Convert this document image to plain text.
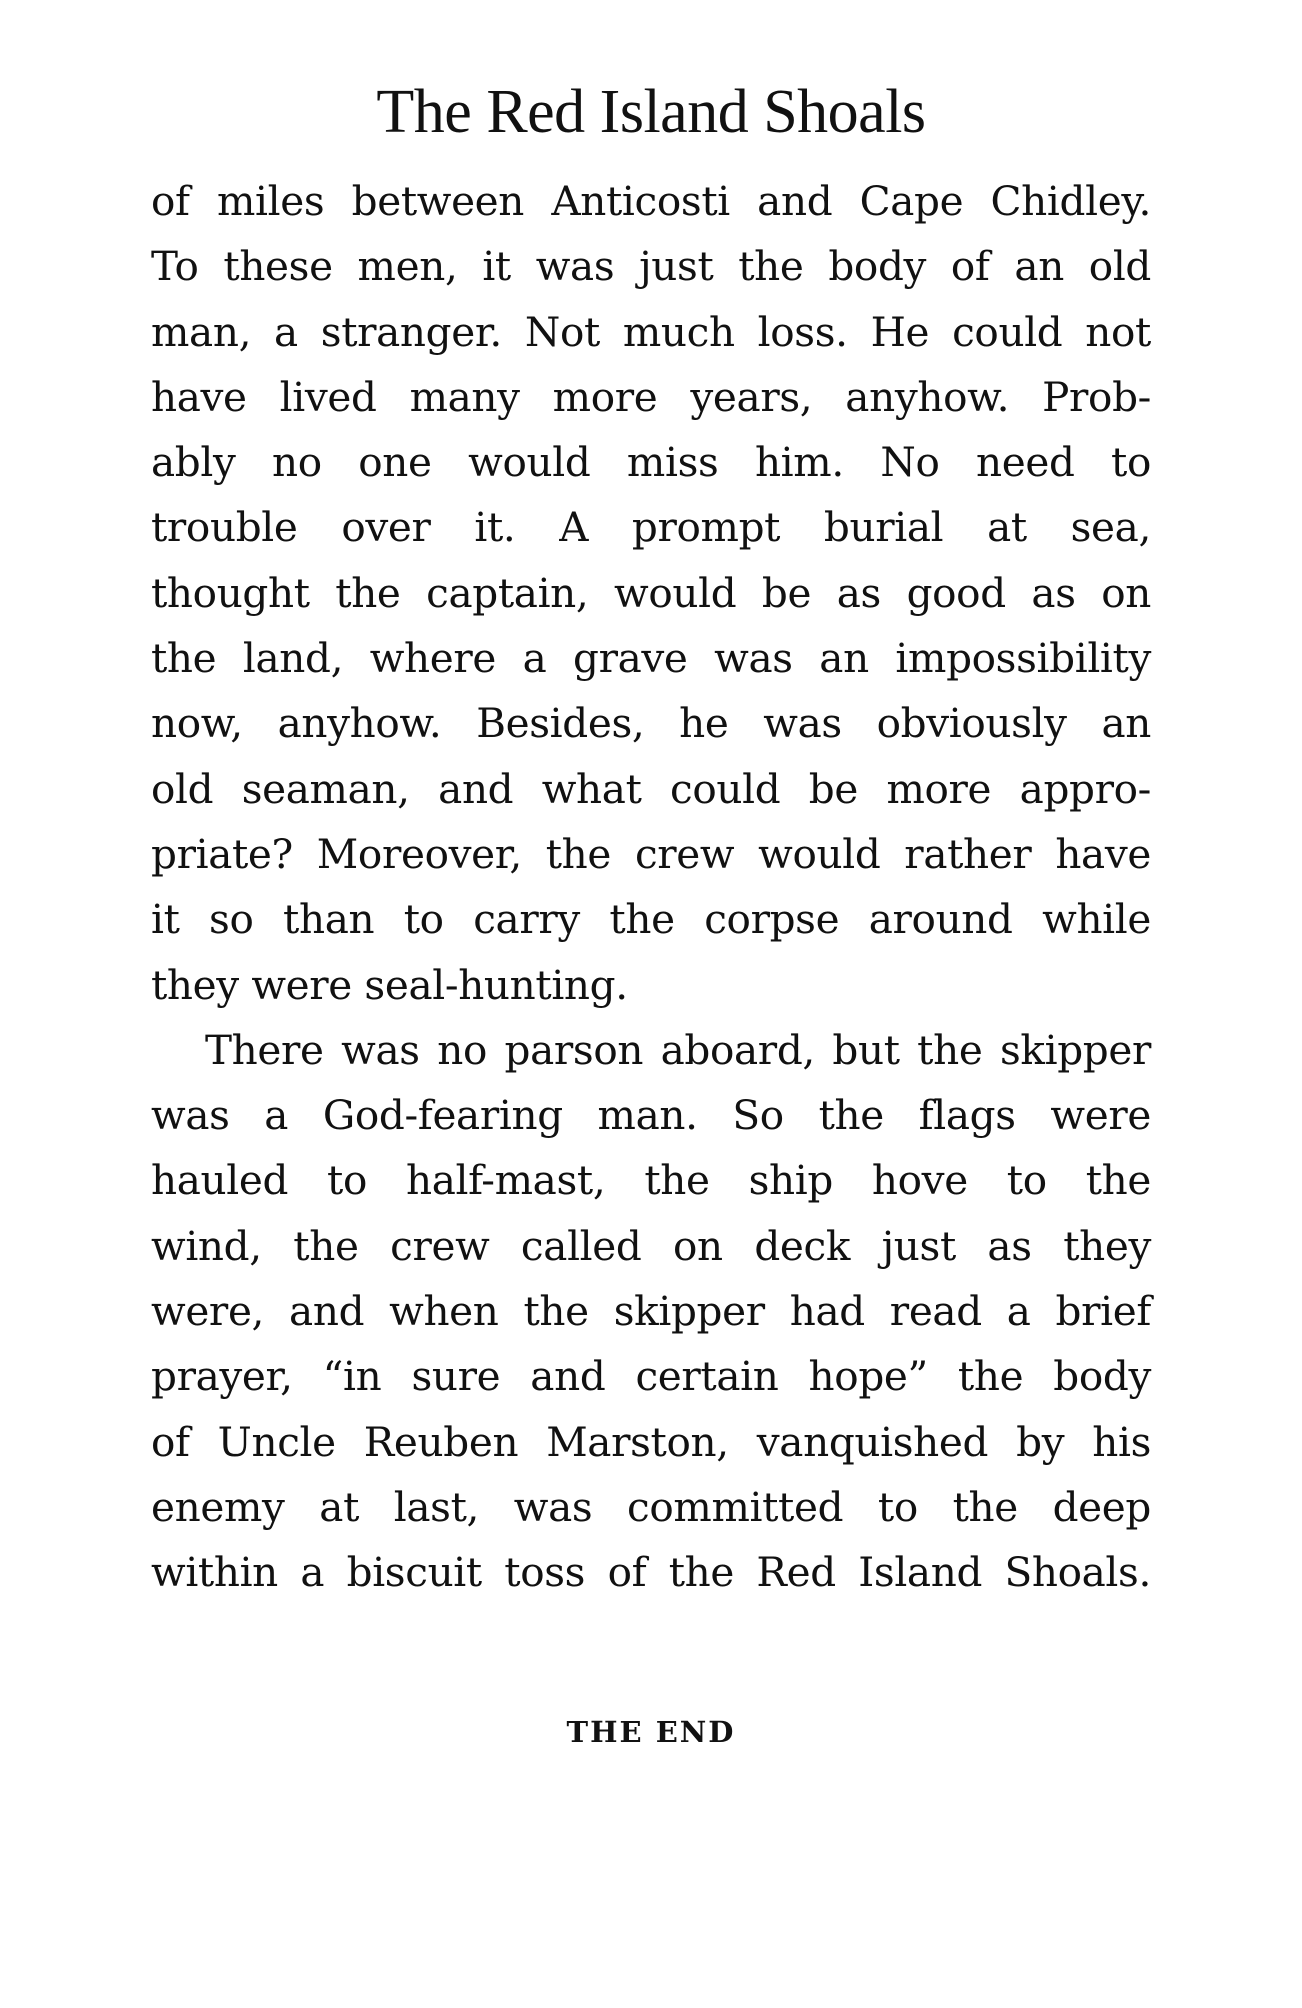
The Red Island Shoals
of miles between Anticosti and Cape Chidley.
To these men, it was just the body of an old
man, a stranger. Not much loss. He could not
have lived many more years, anyhow. Prob-
ably no one would miss him. No need to
trouble over it. A prompt burial at sea,
thought the captain, would be as good as on
the land, where a grave was an impossibility
now, anyhow. Besides, he was obviously an
old seaman, and what could be more appro-
priate? Moreover, the crew would rather have
it so than to carry the corpse around while
they were seal-hunting.
There was no parson aboard, but the skipper
was a God-fearing man. So the flags were
hauled to half-mast, the ship hove to the
wind, the crew called on deck just as they
were, and when the skipper had read a brief
prayer, “in sure and certain hope” the body
of Uncle Reuben Marston, vanquished by his
enemy at last, was committed to the deep
within a biscuit toss of the Red Island Shoals.
THE END
